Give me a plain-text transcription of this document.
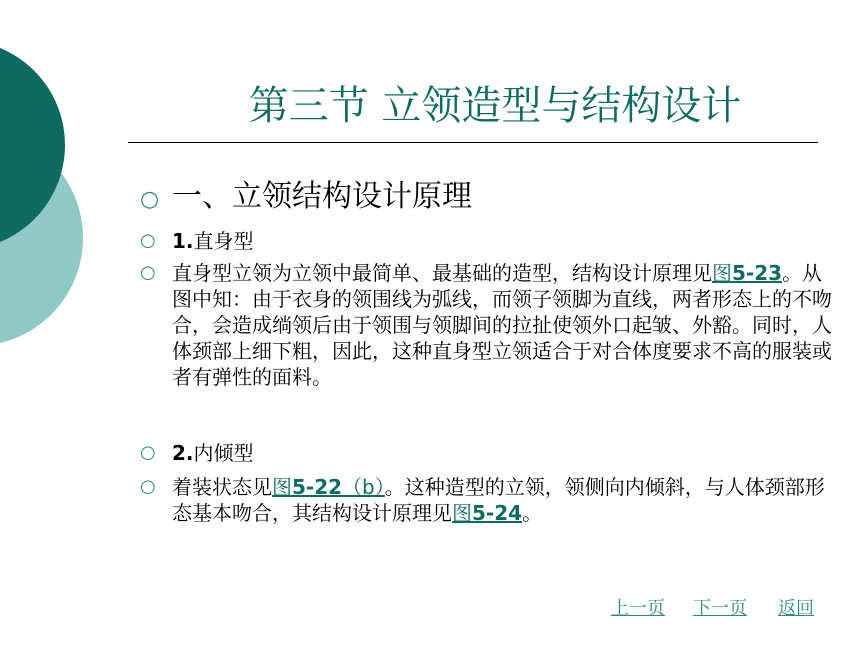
第三节 立领造型与结构设计
○ 一、立领结构设计原理
○ 1.直身型
○ 直身型立领为立领中最简单、最基础的造型，结构设计原理见图5-23。从图中知：由于衣身的领围线为弧线，而领子领脚为直线，两者形态上的不吻合，会造成绱领后由于领围与领脚间的拉扯使领外口起皱、外豁。同时，人体颈部上细下粗，因此，这种直身型立领适合于对合体度要求不高的服装或者有弹性的面料。
○ 2.内倾型
○ 着装状态见图5-22（b）。这种造型的立领，领侧向内倾斜，与人体颈部形态基本吻合，其结构设计原理见图5-24。
上一页 下一页 返回
